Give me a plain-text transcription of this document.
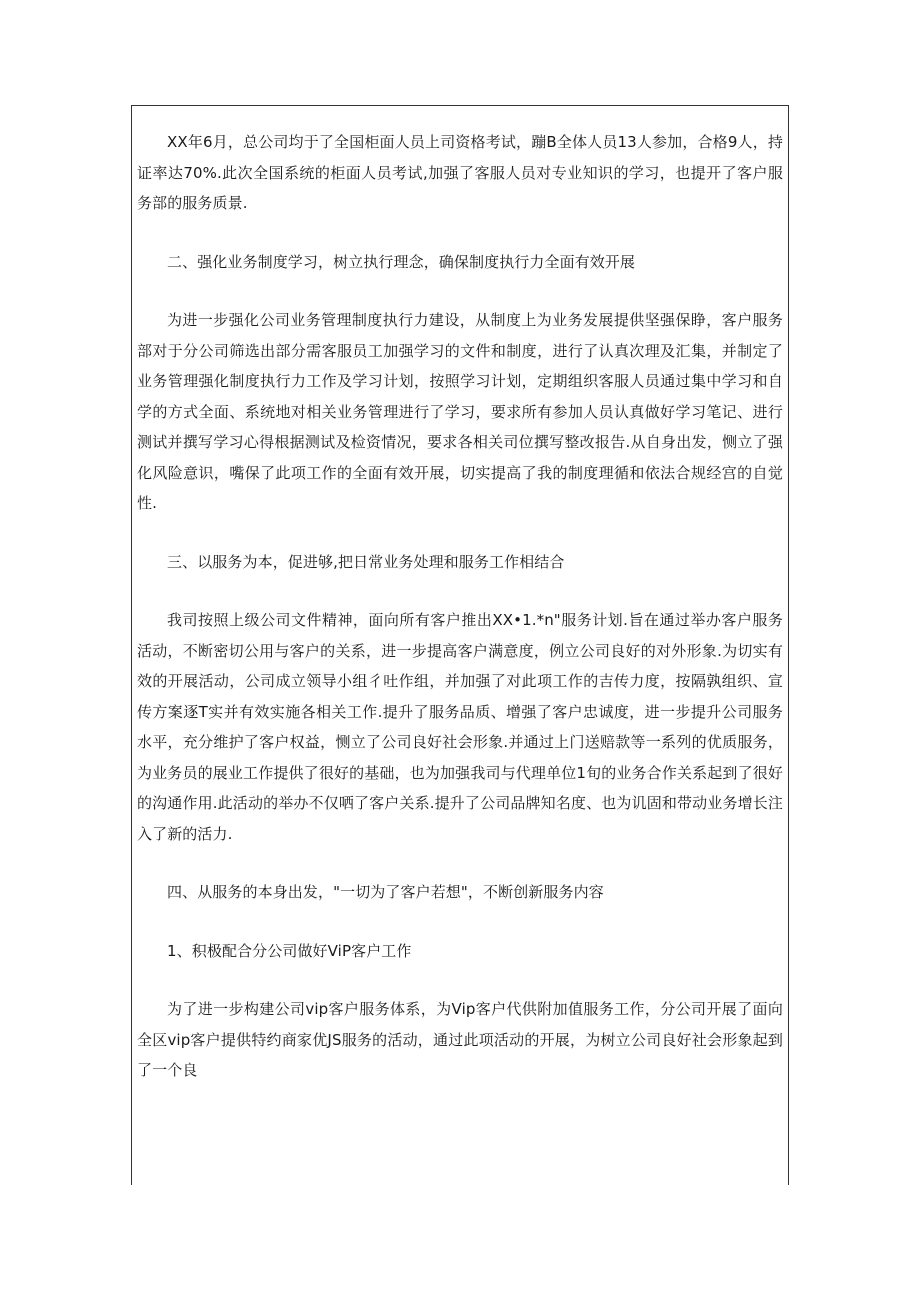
XX年6月，总公司均于了全国柜面人员上司资格考试，蹦B全体人员13人参加，合格9人，持证率达70%.此次全国系统的柜面人员考试,加强了客服人员对专业知识的学习，也提开了客户服务部的服务质景.

二、强化业务制度学习，树立执行理念，确保制度执行力全面有效开展

为进一步强化公司业务管理制度执行力建设，从制度上为业务发展提供坚强保睁，客户服务部对于分公司筛选出部分需客服员工加强学习的文件和制度，进行了认真次理及汇集，并制定了业务管理强化制度执行力工作及学习计划，按照学习计划，定期组织客服人员通过集中学习和自学的方式全面、系统地对相关业务管理进行了学习，要求所有参加人员认真做好学习笔记、进行测试并撰写学习心得根据测试及检资情况，要求各相关司位撰写整改报告.从自身出发，恻立了强化风险意识，嘴保了此项工作的全面有效开展，切实提高了我的制度理循和依法合规经宫的自觉性.

三、以服务为本，促进够,把日常业务处理和服务工作相结合

我司按照上级公司文件精神，面向所有客户推出XX•1.*n"服务计划.旨在通过举办客户服务活动，不断密切公用与客户的关系，进一步提高客户满意度，例立公司良好的对外形象.为切实有效的开展活动，公司成立领导小组彳吐作组，并加强了对此项工作的吉传力度，按隔孰组织、宣传方案逐T实并有效实施各相关工作.提升了服务品质、增强了客户忠诚度，进一步提升公司服务水平，充分维护了客户权益，恻立了公司良好社会形象.并通过上门送赔款等一系列的优质服务，为业务员的展业工作提供了很好的基础，也为加强我司与代理单位1旬的业务合作关系起到了很好的沟通作用.此活动的举办不仅哂了客户关系.提升了公司品牌知名度、也为讥固和带动业务增长注入了新的活力.

四、从服务的本身出发，"一切为了客户若想"，不断创新服务内容

1、积极配合分公司做好ViP客户工作

为了进一步构建公司vip客户服务体系，为Vip客户代供附加值服务工作，分公司开展了面向全区vip客户提供特约商家优JS服务的活动，通过此项活动的开展，为树立公司良好社会形象起到了一个良
